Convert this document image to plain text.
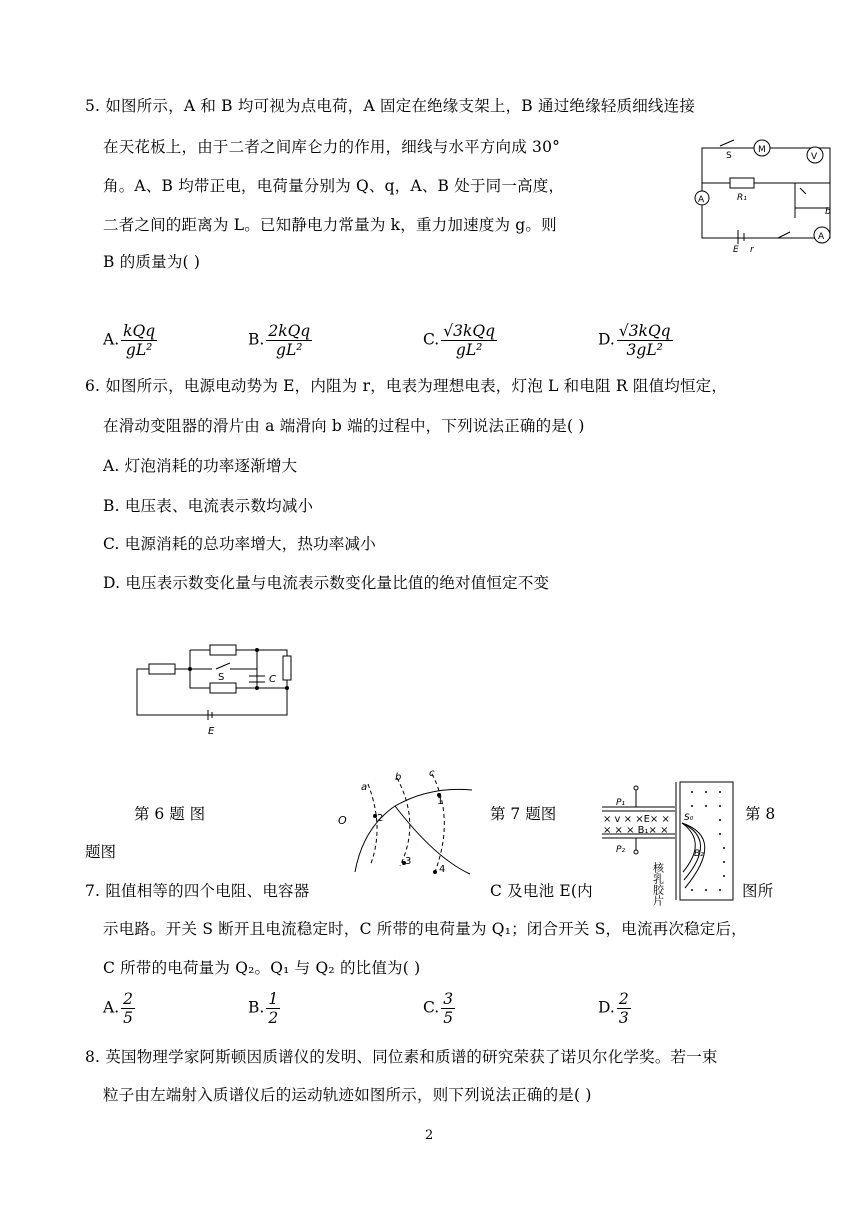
5. 如图所示，A 和 B 均可视为点电荷，A 固定在绝缘支架上，B 通过绝缘轻质细线连接
在天花板上，由于二者之间库仑力的作用，细线与水平方向成 30°
角。A、B 均带正电，电荷量分别为 Q、q，A、B 处于同一高度，
二者之间的距离为 L。已知静电力常量为 k，重力加速度为 g。则
B 的质量为( )
M
V
A
A
S
R₁
b
E r
A. $\frac{\text{kQq}}{\text{gL²}}$	B. $\frac{\text{2kQq}}{\text{gL²}}$	C. $\frac{\text{√3kQq}}{\text{gL²}}$	D. $\frac{\text{√3kQq}}{\text{3gL²}}$
6. 如图所示，电源电动势为 E，内阻为 r，电表为理想电表，灯泡 L 和电阻 R 阻值均恒定，
在滑动变阻器的滑片由 a 端滑向 b 端的过程中，下列说法正确的是( )
A. 灯泡消耗的功率逐渐增大
B. 电压表、电流表示数均减小
C. 电源消耗的总功率增大，热功率减小
D. 电压表示数变化量与电流表示数变化量比值的绝对值恒定不变
S	C
E
a
b	c
O
1
2
3
4
P₁
P₂
× v × ×E× ×
× × × B₁× ×
S₀
B₂
核乳胶片
第 6 题 图	第 7 题图	第 8
题图
7. 阻值相等的四个电阻、电容器	C 及电池 E(内	图所
示电路。开关 S 断开且电流稳定时，C 所带的电荷量为 Q₁；闭合开关 S，电流再次稳定后，
C 所带的电荷量为 Q₂。Q₁ 与 Q₂ 的比值为( )
A. $\frac{2}{5}$	B. $\frac{1}{2}$	C. $\frac{3}{5}$	D. $\frac{2}{3}$
8. 英国物理学家阿斯顿因质谱仪的发明、同位素和质谱的研究荣获了诺贝尔化学奖。若一束
粒子由左端射入质谱仪后的运动轨迹如图所示，则下列说法正确的是( )
2
